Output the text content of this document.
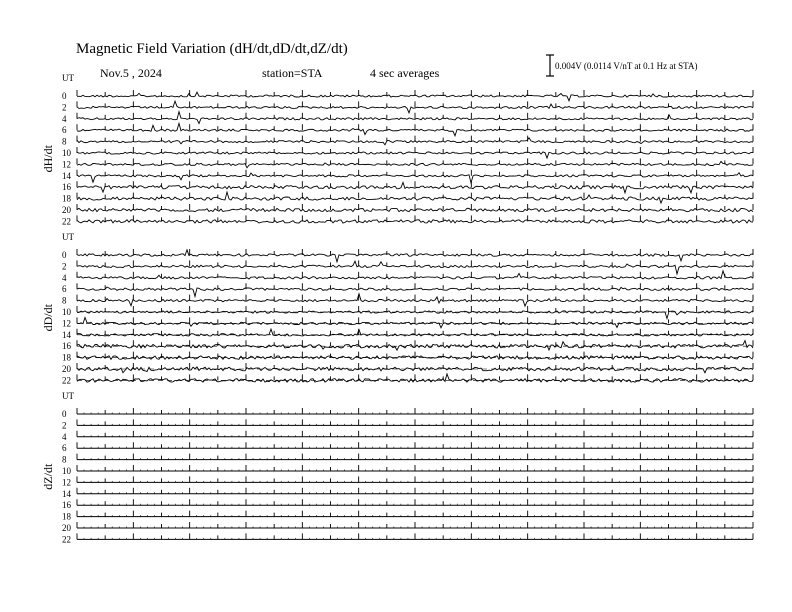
Magnetic Field Variation (dH/dt,dD/dt,dZ/dt)
Nov.5 , 2024	station=STA	4 sec averages	0.004V (0.0114 V/nT at 0.1 Hz at STA)
UT
dH/dt
0
2
4
6
8
10
12
14
16
18
20
22
UT
dD/dt
0
2
4
6
8
10
12
14
16
18
20
22
UT
dZ/dt
0
2
4
6
8
10
12
14
16
18
20
22
